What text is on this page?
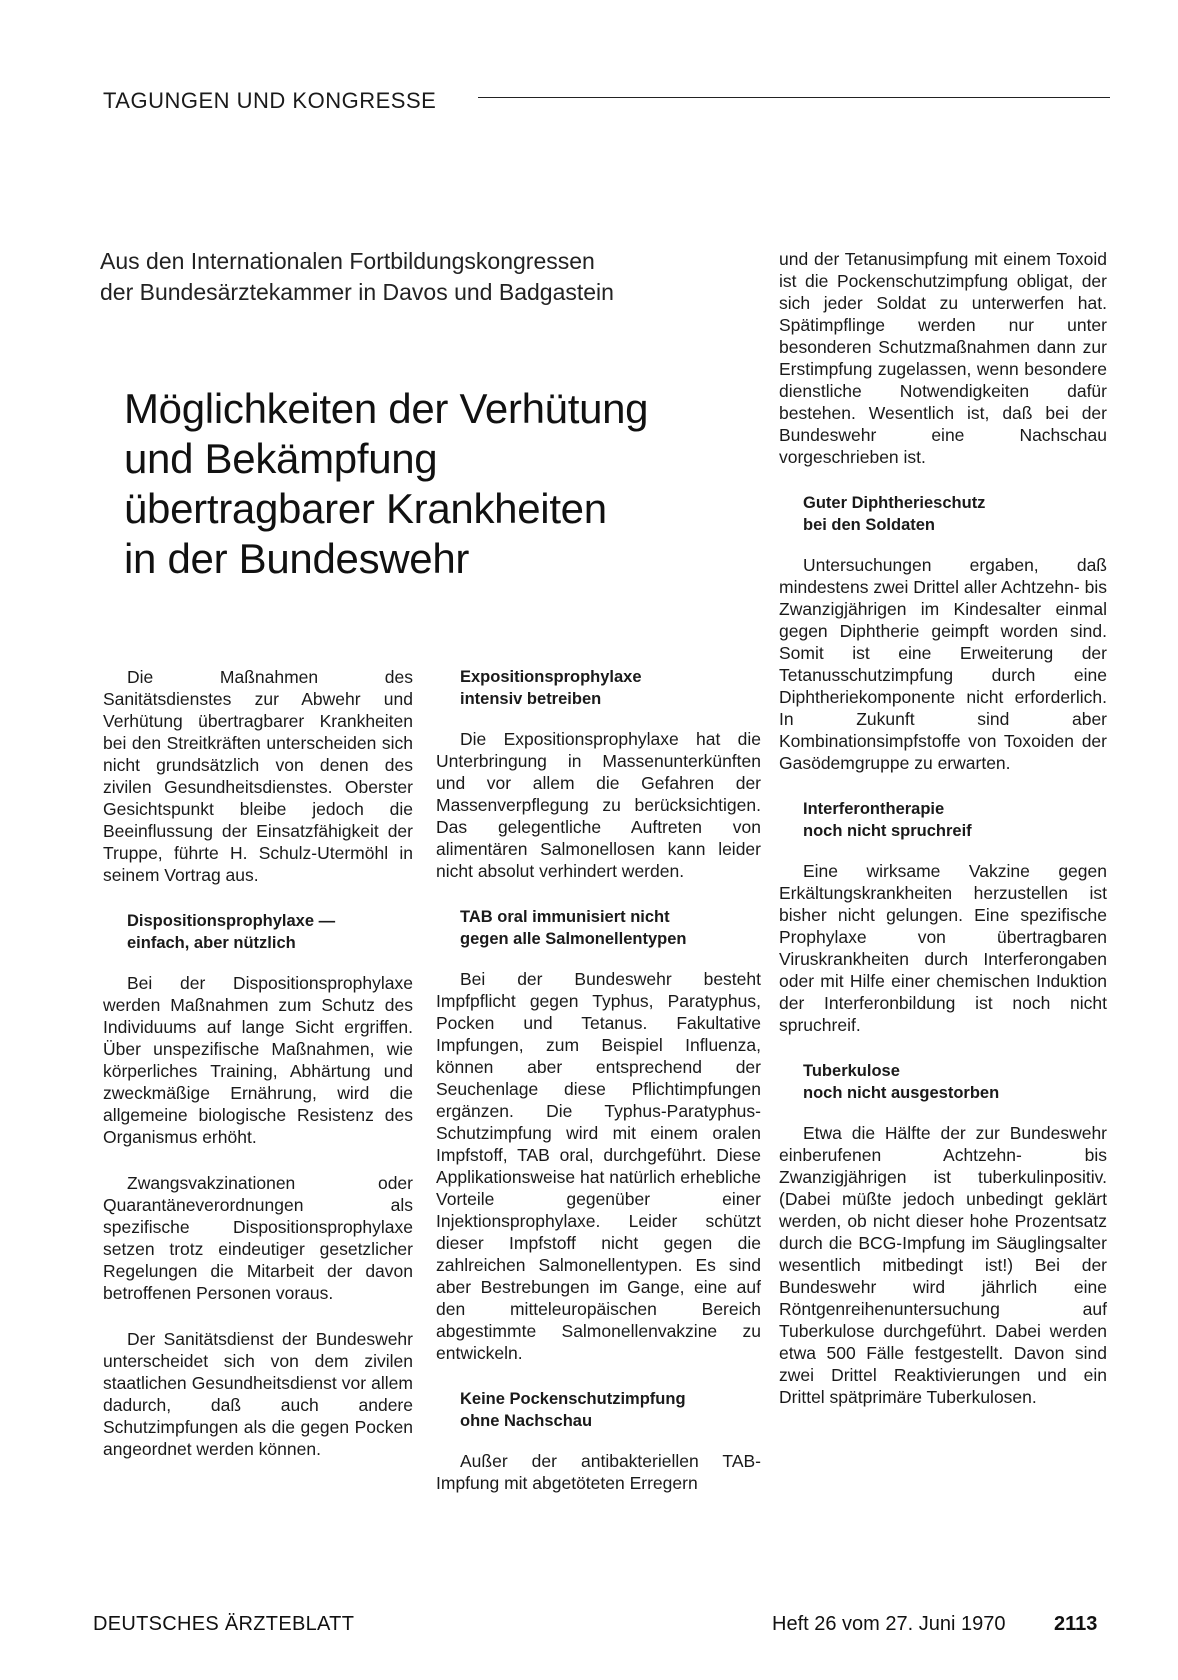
TAGUNGEN UND KONGRESSE
Aus den Internationalen Fortbildungskongressen
der Bundesärztekammer in Davos und Badgastein
Möglichkeiten der Verhütung
und Bekämpfung
übertragbarer Krankheiten
in der Bundeswehr

Die Maßnahmen des Sanitätsdienstes zur Abwehr und Verhütung übertragbarer Krankheiten bei den Streitkräften unterscheiden sich nicht grundsätzlich von denen des zivilen Gesundheitsdienstes. Oberster Gesichtspunkt bleibe jedoch die Beeinflussung der Einsatzfähigkeit der Truppe, führte H. Schulz-Utermöhl in seinem Vortrag aus.

Dispositionsprophylaxe —
einfach, aber nützlich

Bei der Dispositionsprophylaxe werden Maßnahmen zum Schutz des Individuums auf lange Sicht ergriffen. Über unspezifische Maßnahmen, wie körperliches Training, Abhärtung und zweckmäßige Ernährung, wird die allgemeine biologische Resistenz des Organismus erhöht.

Zwangsvakzinationen oder Quarantäneverordnungen als spezifische Dispositionsprophylaxe setzen trotz eindeutiger gesetzlicher Regelungen die Mitarbeit der davon betroffenen Personen voraus.

Der Sanitätsdienst der Bundeswehr unterscheidet sich von dem zivilen staatlichen Gesundheitsdienst vor allem dadurch, daß auch andere Schutzimpfungen als die gegen Pocken angeordnet werden können.

Expositionsprophylaxe
intensiv betreiben

Die Expositionsprophylaxe hat die Unterbringung in Massenunterkünften und vor allem die Gefahren der Massenverpflegung zu berücksichtigen. Das gelegentliche Auftreten von alimentären Salmonellosen kann leider nicht absolut verhindert werden.

TAB oral immunisiert nicht
gegen alle Salmonellentypen

Bei der Bundeswehr besteht Impfpflicht gegen Typhus, Paratyphus, Pocken und Tetanus. Fakultative Impfungen, zum Beispiel Influenza, können aber entsprechend der Seuchenlage diese Pflichtimpfungen ergänzen. Die Typhus-Paratyphus-Schutzimpfung wird mit einem oralen Impfstoff, TAB oral, durchgeführt. Diese Applikationsweise hat natürlich erhebliche Vorteile gegenüber einer Injektionsprophylaxe. Leider schützt dieser Impfstoff nicht gegen die zahlreichen Salmonellentypen. Es sind aber Bestrebungen im Gange, eine auf den mitteleuropäischen Bereich abgestimmte Salmonellenvakzine zu entwickeln.

Keine Pockenschutzimpfung
ohne Nachschau

Außer der antibakteriellen TAB-Impfung mit abgetöteten Erregern

und der Tetanusimpfung mit einem Toxoid ist die Pockenschutzimpfung obligat, der sich jeder Soldat zu unterwerfen hat. Spätimpflinge werden nur unter besonderen Schutzmaßnahmen dann zur Erstimpfung zugelassen, wenn besondere dienstliche Notwendigkeiten dafür bestehen. Wesentlich ist, daß bei der Bundeswehr eine Nachschau vorgeschrieben ist.

Guter Diphtherieschutz
bei den Soldaten

Untersuchungen ergaben, daß mindestens zwei Drittel aller Achtzehn- bis Zwanzigjährigen im Kindesalter einmal gegen Diphtherie geimpft worden sind. Somit ist eine Erweiterung der Tetanusschutzimpfung durch eine Diphtheriekomponente nicht erforderlich. In Zukunft sind aber Kombinationsimpfstoffe von Toxoiden der Gasödemgruppe zu erwarten.

Interferontherapie
noch nicht spruchreif

Eine wirksame Vakzine gegen Erkältungskrankheiten herzustellen ist bisher nicht gelungen. Eine spezifische Prophylaxe von übertragbaren Viruskrankheiten durch Interferongaben oder mit Hilfe einer chemischen Induktion der Interferonbildung ist noch nicht spruchreif.

Tuberkulose
noch nicht ausgestorben

Etwa die Hälfte der zur Bundeswehr einberufenen Achtzehn- bis Zwanzigjährigen ist tuberkulinpositiv. (Dabei müßte jedoch unbedingt geklärt werden, ob nicht dieser hohe Prozentsatz durch die BCG-Impfung im Säuglingsalter wesentlich mitbedingt ist!) Bei der Bundeswehr wird jährlich eine Röntgenreihenuntersuchung auf Tuberkulose durchgeführt. Dabei werden etwa 500 Fälle festgestellt. Davon sind zwei Drittel Reaktivierungen und ein Drittel spätprimäre Tuberkulosen.

DEUTSCHES ÄRZTEBLATT	Heft 26 vom 27. Juni 1970 2113
